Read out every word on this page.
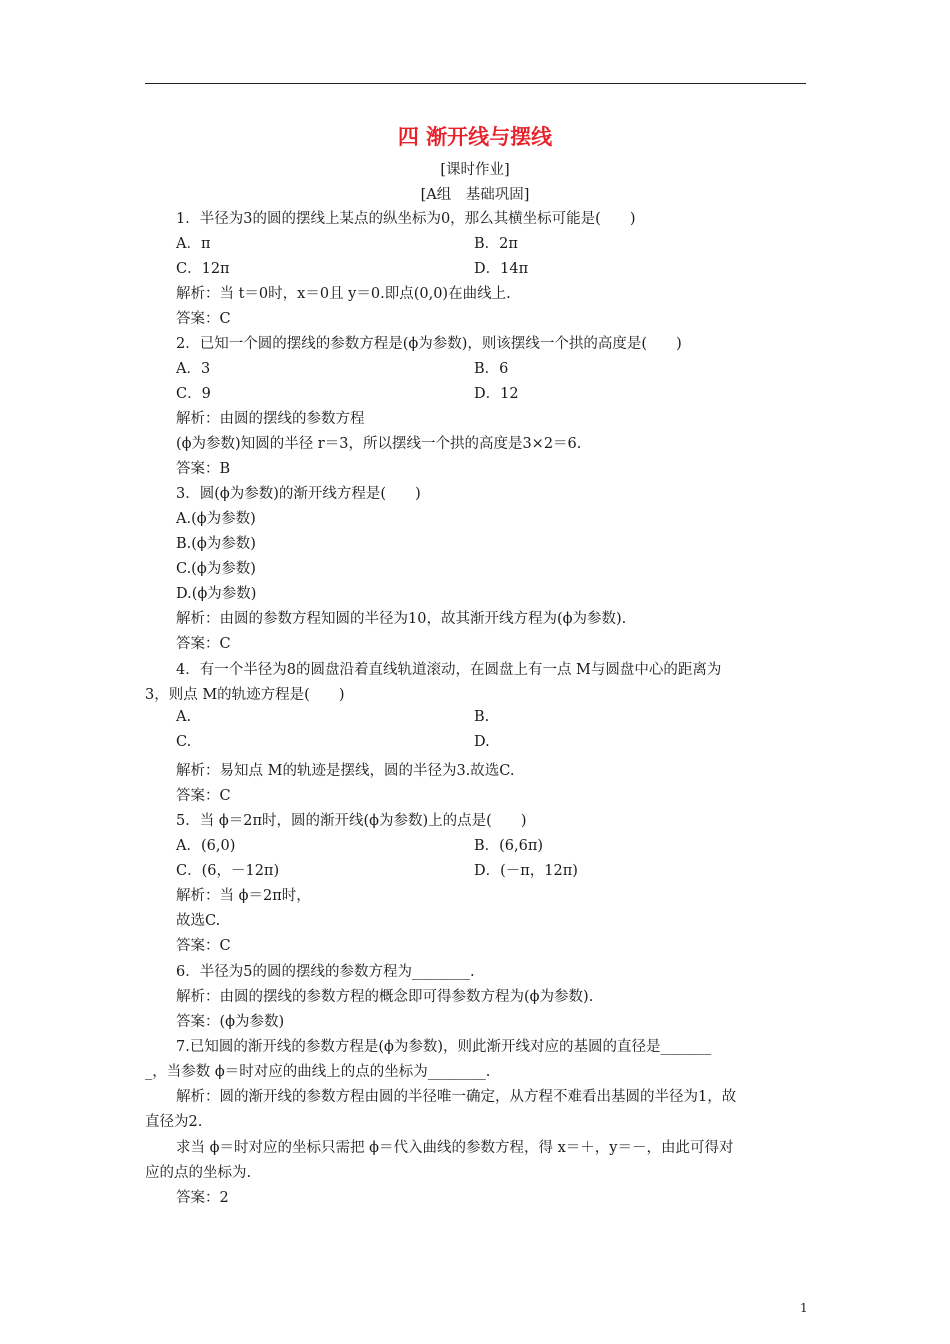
四 渐开线与摆线
[课时作业]
[A组　基础巩固]
1．半径为3的圆的摆线上某点的纵坐标为0，那么其横坐标可能是(　　)
A．π	B．2π
C．12π	D．14π
解析：当 t＝0时，x＝0且 y＝0.即点(0,0)在曲线上.
答案：C
2．已知一个圆的摆线的参数方程是(ϕ为参数)，则该摆线一个拱的高度是(　　)
A．3	B．6
C．9	D．12
解析：由圆的摆线的参数方程
(ϕ为参数)知圆的半径 r＝3，所以摆线一个拱的高度是3×2＝6.
答案：B
3．圆(ϕ为参数)的渐开线方程是(　　)
A.(ϕ为参数)
B.(ϕ为参数)
C.(ϕ为参数)
D.(ϕ为参数)
解析：由圆的参数方程知圆的半径为10，故其渐开线方程为(ϕ为参数).
答案：C
4．有一个半径为8的圆盘沿着直线轨道滚动，在圆盘上有一点 M与圆盘中心的距离为
3，则点 M的轨迹方程是(　　)
A.	B.
C.	D.
解析：易知点 M的轨迹是摆线，圆的半径为3.故选C.
答案：C
5．当 ϕ＝2π时，圆的渐开线(ϕ为参数)上的点是(　　)
A．(6,0)	B．(6,6π)
C．(6，－12π)	D．(－π，12π)
解析：当 ϕ＝2π时，
故选C.
答案：C
6．半径为5的圆的摆线的参数方程为________.
解析：由圆的摆线的参数方程的概念即可得参数方程为(ϕ为参数).
答案：(ϕ为参数)
7.已知圆的渐开线的参数方程是(ϕ为参数)，则此渐开线对应的基圆的直径是_______
_，当参数 ϕ＝时对应的曲线上的点的坐标为________.
解析：圆的渐开线的参数方程由圆的半径唯一确定，从方程不难看出基圆的半径为1，故
直径为2.
求当 ϕ＝时对应的坐标只需把 ϕ＝代入曲线的参数方程，得 x＝＋，y＝－，由此可得对
应的点的坐标为.
答案：2
1
